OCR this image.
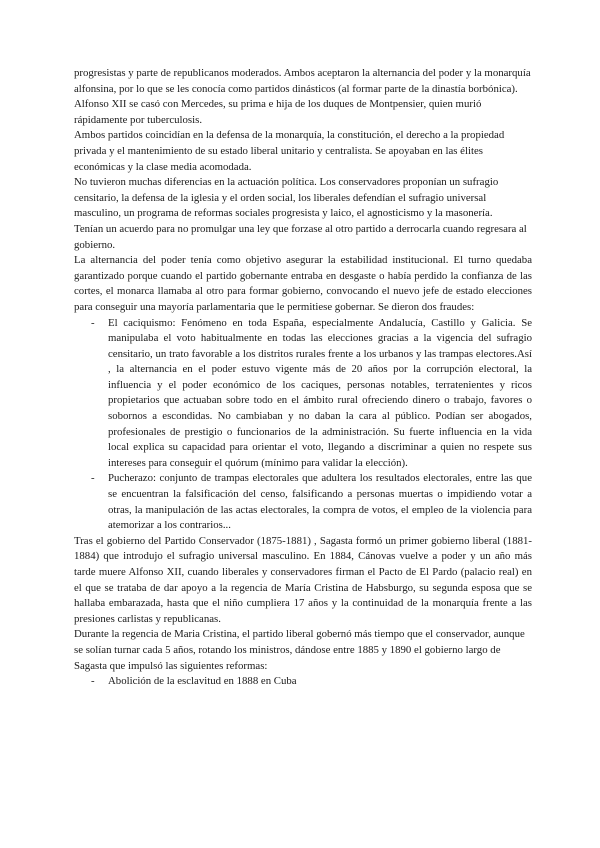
progresistas y parte de republicanos moderados. Ambos aceptaron la alternancia del poder y la monarquía alfonsina, por lo que se les conocía como partidos dinásticos (al formar parte de la dinastía borbónica).

Alfonso XII se casó con Mercedes, su prima e hija de los duques de Montpensier, quien murió rápidamente por tuberculosis.

Ambos partidos coincidían en la defensa de la monarquía, la constitución, el derecho a la propiedad privada y el mantenimiento de su estado liberal unitario y centralista. Se apoyaban en las élites económicas y la clase media acomodada.

No tuvieron muchas diferencias en la actuación política. Los conservadores proponían un sufragio censitario, la defensa de la iglesia y el orden social, los liberales defendían el sufragio universal masculino, un programa de reformas sociales progresista y laico, el agnosticismo y la masonería.

Tenían un acuerdo para no promulgar una ley que forzase al otro partido a derrocarla cuando regresara al gobierno.

La alternancia del poder tenía como objetivo asegurar la estabilidad institucional. El turno quedaba garantizado porque cuando el partido gobernante entraba en desgaste o había perdido la confianza de las cortes, el monarca llamaba al otro para formar gobierno, convocando el nuevo jefe de estado elecciones para conseguir una mayoría parlamentaria que le permitiese gobernar. Se dieron dos fraudes:

- El caciquismo: Fenómeno en toda España, especialmente Andalucía, Castillo y Galicia. Se manipulaba el voto habitualmente en todas las elecciones gracias a la vigencia del sufragio censitario, un trato favorable a los distritos rurales frente a los urbanos y las trampas electores.Así , la alternancia en el poder estuvo vigente más de 20 años por la corrupción electoral, la influencia y el poder económico de los caciques, personas notables, terratenientes y ricos propietarios que actuaban sobre todo en el ámbito rural ofreciendo dinero o trabajo, favores o sobornos a escondidas. No cambiaban y no daban la cara al público. Podían ser abogados, profesionales de prestigio o funcionarios de la administración. Su fuerte influencia en la vida local explica su capacidad para orientar el voto, llegando a discriminar a quien no respete sus intereses para conseguir el quórum (mínimo para validar la elección).
- Pucherazo: conjunto de trampas electorales que adultera los resultados electorales, entre las que se encuentran la falsificación del censo, falsificando a personas muertas o impidiendo votar a otras, la manipulación de las actas electorales, la compra de votos, el empleo de la violencia para atemorizar a los contrarios...

Tras el gobierno del Partido Conservador (1875-1881) , Sagasta formó un primer gobierno liberal (1881-1884) que introdujo el sufragio universal masculino. En 1884, Cánovas vuelve a poder y un año más tarde muere Alfonso XII, cuando liberales y conservadores firman el Pacto de El Pardo (palacio real) en el que se trataba de dar apoyo a la regencia de María Cristina de Habsburgo, su segunda esposa que se hallaba embarazada, hasta que el niño cumpliera 17 años y la continuidad de la monarquía frente a las presiones carlistas y republicanas.

Durante la regencia de Maria Cristina, el partido liberal gobernó más tiempo que el conservador, aunque se solían turnar cada 5 años, rotando los ministros, dándose entre 1885 y 1890 el gobierno largo de Sagasta que impulsó las siguientes reformas:

- Abolición de la esclavitud en 1888 en Cuba
